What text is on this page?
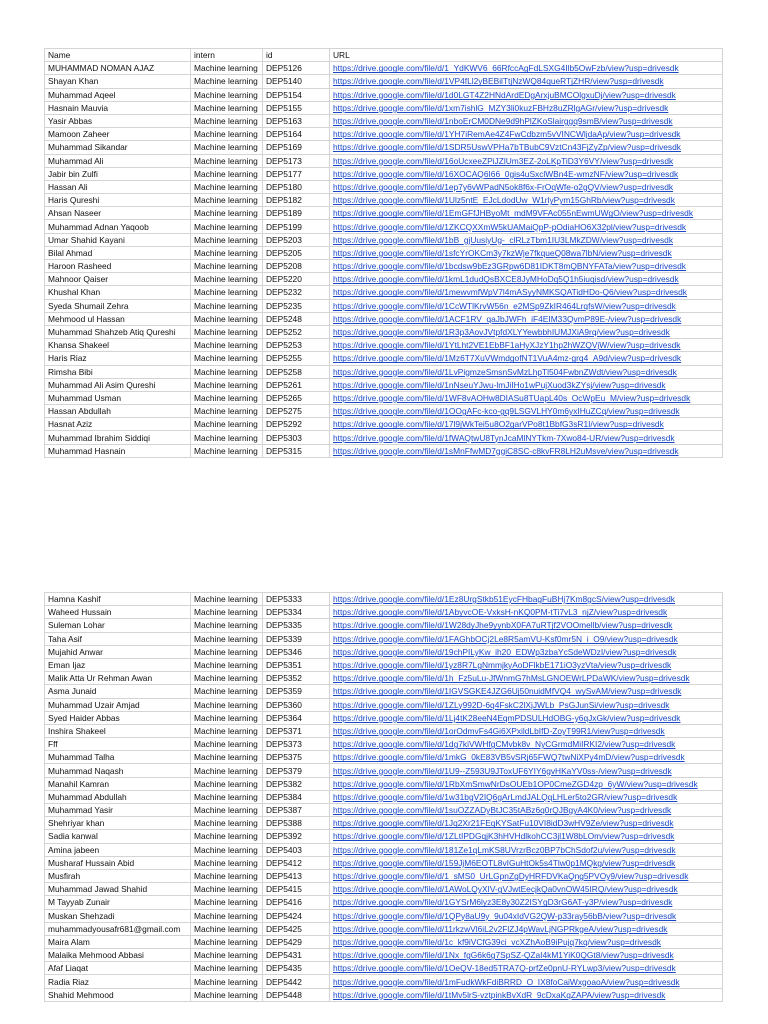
Name	intern	id	URL
MUHAMMAD NOMAN AJAZ	Machine learning	DEP5126	https://drive.google.com/file/d/1_YdKWV6_66RfccAgFdLSXG4Ilb5OwFzb/view?usp=drivesdk
Shayan Khan	Machine learning	DEP5140	https://drive.google.com/file/d/1VP4fLl2yBEBilTtjNzWQ84queRTjZHR/view?usp=drivesdk
Muhammad Aqeel	Machine learning	DEP5154	https://drive.google.com/file/d/1d0LGT4Z2HNdArdEDgArxjuBMCOlgxuDj/view?usp=drivesdk
Hasnain Mauvia	Machine learning	DEP5155	https://drive.google.com/file/d/1xm7ishlG_MZY3li0kuzFBHz8uZRlgAGr/view?usp=drivesdk
Yasir Abbas	Machine learning	DEP5163	https://drive.google.com/file/d/1nboErCM0DNe9d9hPlZKoSlairggq9smB/view?usp=drivesdk
Mamoon Zaheer	Machine learning	DEP5164	https://drive.google.com/file/d/1YH7iRemAe4Z4FwCdbzm5vVINCWljdaAp/view?usp=drivesdk
Muhammad Sikandar	Machine learning	DEP5169	https://drive.google.com/file/d/1SDR5UswVPHa7bTBubC9VztCn43FjZyZp/view?usp=drivesdk
Muhammad Ali	Machine learning	DEP5173	https://drive.google.com/file/d/16oUcxeeZPiJZlUm3EZ-2oLKpTiD3Y6VY/view?usp=drivesdk
Jabir bin Zulfi	Machine learning	DEP5177	https://drive.google.com/file/d/16XOCAQ6I66_0gis4uSxclWBn4E-wmzNF/view?usp=drivesdk
Hassan Ali	Machine learning	DEP5180	https://drive.google.com/file/d/1ep7y6vWPadN5ok8f6x-FrOqWfe-o2gQV/view?usp=drivesdk
Haris Qureshi	Machine learning	DEP5182	https://drive.google.com/file/d/1Ulz5ntE_EJcLdodUw_W1rlyPym15GhRb/view?usp=drivesdk
Ahsan Naseer	Machine learning	DEP5189	https://drive.google.com/file/d/1EmGFfJHByoMt_mdM9VFAc055nEwmUWgO/view?usp=drivesdk
Muhammad Adnan Yaqoob	Machine learning	DEP5199	https://drive.google.com/file/d/1ZKCQXXmW5kUAMaiQpP-pOdiaHO6X32pl/view?usp=drivesdk
Umar Shahid Kayani	Machine learning	DEP5203	https://drive.google.com/file/d/1bB_gjUusiyUg-_clRLzTbm1IU3LMkZDW/view?usp=drivesdk
Bilal Ahmad	Machine learning	DEP5205	https://drive.google.com/file/d/1sfcYrOKCm3y7kzWje7fkqueQ08wa7lbN/view?usp=drivesdk
Haroon Rasheed	Machine learning	DEP5208	https://drive.google.com/file/d/1bcdsw9bEz3GRpw6D81IDKT8mQBNYFATa/view?usp=drivesdk
Mahnoor Qaiser	Machine learning	DEP5220	https://drive.google.com/file/d/1kmL1dudQsBXCE8JyMHoDq5Q1h5iuqisd/view?usp=drivesdk
Khushal Khan	Machine learning	DEP5232	https://drive.google.com/file/d/1mewvmfWpV7l4mASyyNMKSQATidHDo-Q6/view?usp=drivesdk
Syeda Shumail Zehra	Machine learning	DEP5235	https://drive.google.com/file/d/1CcWTlKrvW56n_e2MSp9ZkIR464LrqfsW/view?usp=drivesdk
Mehmood ul Hassan	Machine learning	DEP5248	https://drive.google.com/file/d/1ACF1RV_qaJbJWFh_iF4EIM33QvmP89E-/view?usp=drivesdk
Muhammad Shahzeb Atiq Qureshi	Machine learning	DEP5252	https://drive.google.com/file/d/1R3p3AovJVtpfdXLYYewbbhIUMJXiA9rq/view?usp=drivesdk
Khansa Shakeel	Machine learning	DEP5253	https://drive.google.com/file/d/1YtLht2VE1EbBF1aHyXJzY1hp2hWZQVjW/view?usp=drivesdk
Haris Riaz	Machine learning	DEP5255	https://drive.google.com/file/d/1Mz6T7XuVWmdgofNT1VuA4mz-grq4_A9d/view?usp=drivesdk
Rimsha Bibi	Machine learning	DEP5258	https://drive.google.com/file/d/1LvPigmzeSmsnSvMzLhpTl504FwbnZWdt/view?usp=drivesdk
Muhammad Ali Asim Qureshi	Machine learning	DEP5261	https://drive.google.com/file/d/1nNseuYJwu-lmJiIHo1wPujXuod3kZYsj/view?usp=drivesdk
Muhammad Usman	Machine learning	DEP5265	https://drive.google.com/file/d/1WF8vAOHw8DIASu8TUapL40s_OcWpEu_M/view?usp=drivesdk
Hassan Abdullah	Machine learning	DEP5275	https://drive.google.com/file/d/1OOgAFc-kco-gq9LSGVLHY0m6yxIHuZCq/view?usp=drivesdk
Hasnat Aziz	Machine learning	DEP5292	https://drive.google.com/file/d/17l9jWkTei5u8O2garVPo8t1BbfG3sR1I/view?usp=drivesdk
Muhammad Ibrahim Siddiqi	Machine learning	DEP5303	https://drive.google.com/file/d/1fWAQtwU8TynJcaMlNYTkm-7Xwo84-UR/view?usp=drivesdk
Muhammad Hasnain	Machine learning	DEP5315	https://drive.google.com/file/d/1sMnFfwMD7ggiC8SC-c8kvFR8LH2uMsve/view?usp=drivesdk
Hamna Kashif	Machine learning	DEP5333	https://drive.google.com/file/d/1Ez8UrgStkb51EycFHbagFuBHj7Km8gcS/view?usp=drivesdk
Waheed Hussain	Machine learning	DEP5334	https://drive.google.com/file/d/1AbyvcOE-VxksH-nKQ0PM-tTi7vL3_njZ/view?usp=drivesdk
Suleman Lohar	Machine learning	DEP5335	https://drive.google.com/file/d/1W28dyJhe9yynbX0FA7uRTjf2VOOmellb/view?usp=drivesdk
Taha Asif	Machine learning	DEP5339	https://drive.google.com/file/d/1FAGhbOCj2Le8R5amVU-Ksf0mr5N_i_O9/view?usp=drivesdk
Mujahid Anwar	Machine learning	DEP5346	https://drive.google.com/file/d/19chPILyKw_ih20_EDWp3zbaYcSdeWDzI/view?usp=drivesdk
Eman Ijaz	Machine learning	DEP5351	https://drive.google.com/file/d/1yz8R7LgNmmjkyAoDFlkbE171iO3yzVta/view?usp=drivesdk
Malik Atta Ur Rehman Awan	Machine learning	DEP5352	https://drive.google.com/file/d/1h_Fz5uLu-JfWnmG7hMsLGNOEWrLPDaWK/view?usp=drivesdk
Asma Junaid	Machine learning	DEP5359	https://drive.google.com/file/d/1IGVSGKE4JZG6Uj50nuidMfVQ4_wySvAM/view?usp=drivesdk
Muhammad Uzair Amjad	Machine learning	DEP5360	https://drive.google.com/file/d/1ZLy992D-6q4FskC2lXjJWLb_PsGJunSi/view?usp=drivesdk
Syed Haider Abbas	Machine learning	DEP5364	https://drive.google.com/file/d/1Lj4tK28eeN4EqmPDSULHdOBG-y6qJxGk/view?usp=drivesdk
Inshira Shakeel	Machine learning	DEP5371	https://drive.google.com/file/d/1orOdmvFs4Gi6XPxildLbIfD-ZoyT99R1/view?usp=drivesdk
Fff	Machine learning	DEP5373	https://drive.google.com/file/d/1dg7kiVWHfgCMvbk8v_NyCGrmdMiIRKI2/view?usp=drivesdk
Muhammad Talha	Machine learning	DEP5375	https://drive.google.com/file/d/1mkG_0kE83VB5vSRj65FWQ7twNiXPy4mD/view?usp=drivesdk
Muhammad Naqash	Machine learning	DEP5379	https://drive.google.com/file/d/1U9--Z593U9JToxUF6YIY6gvHKaYV0ss-/view?usp=drivesdk
Manahil Kamran	Machine learning	DEP5382	https://drive.google.com/file/d/1RbXmSmwNrDsOUEb1OP0CmeZGD4zp_6yW/view?usp=drivesdk
Muhammad Abdullah	Machine learning	DEP5384	https://drive.google.com/file/d/1w31bgV2IQ6gArLmdJALQqLHLer5to2GR/view?usp=drivesdk
Muhammad Yasir	Machine learning	DEP5387	https://drive.google.com/file/d/1suOZZADyBtJC35tABz6q0rQJBgyA4K0/view?usp=drivesdk
Shehriyar khan	Machine learning	DEP5388	https://drive.google.com/file/d/1Jq2Xr21FEqKYSatFu10VI8idD3wHV9Ze/view?usp=drivesdk
Sadia kanwal	Machine learning	DEP5392	https://drive.google.com/file/d/1ZLtIPDGqjK3hHVHdlkohCC3jl1W8bLOm/view?usp=drivesdk
Amina jabeen	Machine learning	DEP5403	https://drive.google.com/file/d/181Ze1qLmKS8UVrzrBcz0BP7bChSdof2u/view?usp=drivesdk
Musharaf Hussain Abid	Machine learning	DEP5412	https://drive.google.com/file/d/159JjM6EOTL8vIGuHtOk5s4Tlw0p1MQkg/view?usp=drivesdk
Musfirah	Machine learning	DEP5413	https://drive.google.com/file/d/1_sMS0_UrLGpnZgDyHRFDVKaQng5PVOy9/view?usp=drivesdk
Muhammad Jawad Shahid	Machine learning	DEP5415	https://drive.google.com/file/d/1AWoLQyXIV-gVJwtEecjkQa0vnOW45IRQ/view?usp=drivesdk
M Tayyab Zunair	Machine learning	DEP5416	https://drive.google.com/file/d/1GYSrM6lyz3E8y30Z2ISYgD3rG6AT-y3P/view?usp=drivesdk
Muskan Shehzadi	Machine learning	DEP5424	https://drive.google.com/file/d/1QPy8aU9y_9u04xIdVG2QW-p33ray56bB/view?usp=drivesdk
muhammadyousafr681@gmail.com	Machine learning	DEP5425	https://drive.google.com/file/d/11rkzwVl6iL2v2FlZJ4pWavLjNGPRkgeA/view?usp=drivesdk
Maira Alam	Machine learning	DEP5429	https://drive.google.com/file/d/1c_kf9iVCfG39ci_vcXZhAoB9iPujq7kq/view?usp=drivesdk
Malaika Mehmood Abbasi	Machine learning	DEP5431	https://drive.google.com/file/d/1Nx_fgG6k6g7SpSZ-QZaI4kM1YiK0QGt8/view?usp=drivesdk
Afaf Liaqat	Machine learning	DEP5435	https://drive.google.com/file/d/1OeQV-18ed5TRA7Q-prfZe0pnU-RYLwp3/view?usp=drivesdk
Radia Riaz	Machine learning	DEP5442	https://drive.google.com/file/d/1mFudkWkFdiBRRD_O_IX8foCaiWxgoaoA/view?usp=drivesdk
Shahid Mehmood	Machine learning	DEP5448	https://drive.google.com/file/d/1tMv5lrS-vztpinkBvXdR_9cDxaKqZAPA/view?usp=drivesdk
